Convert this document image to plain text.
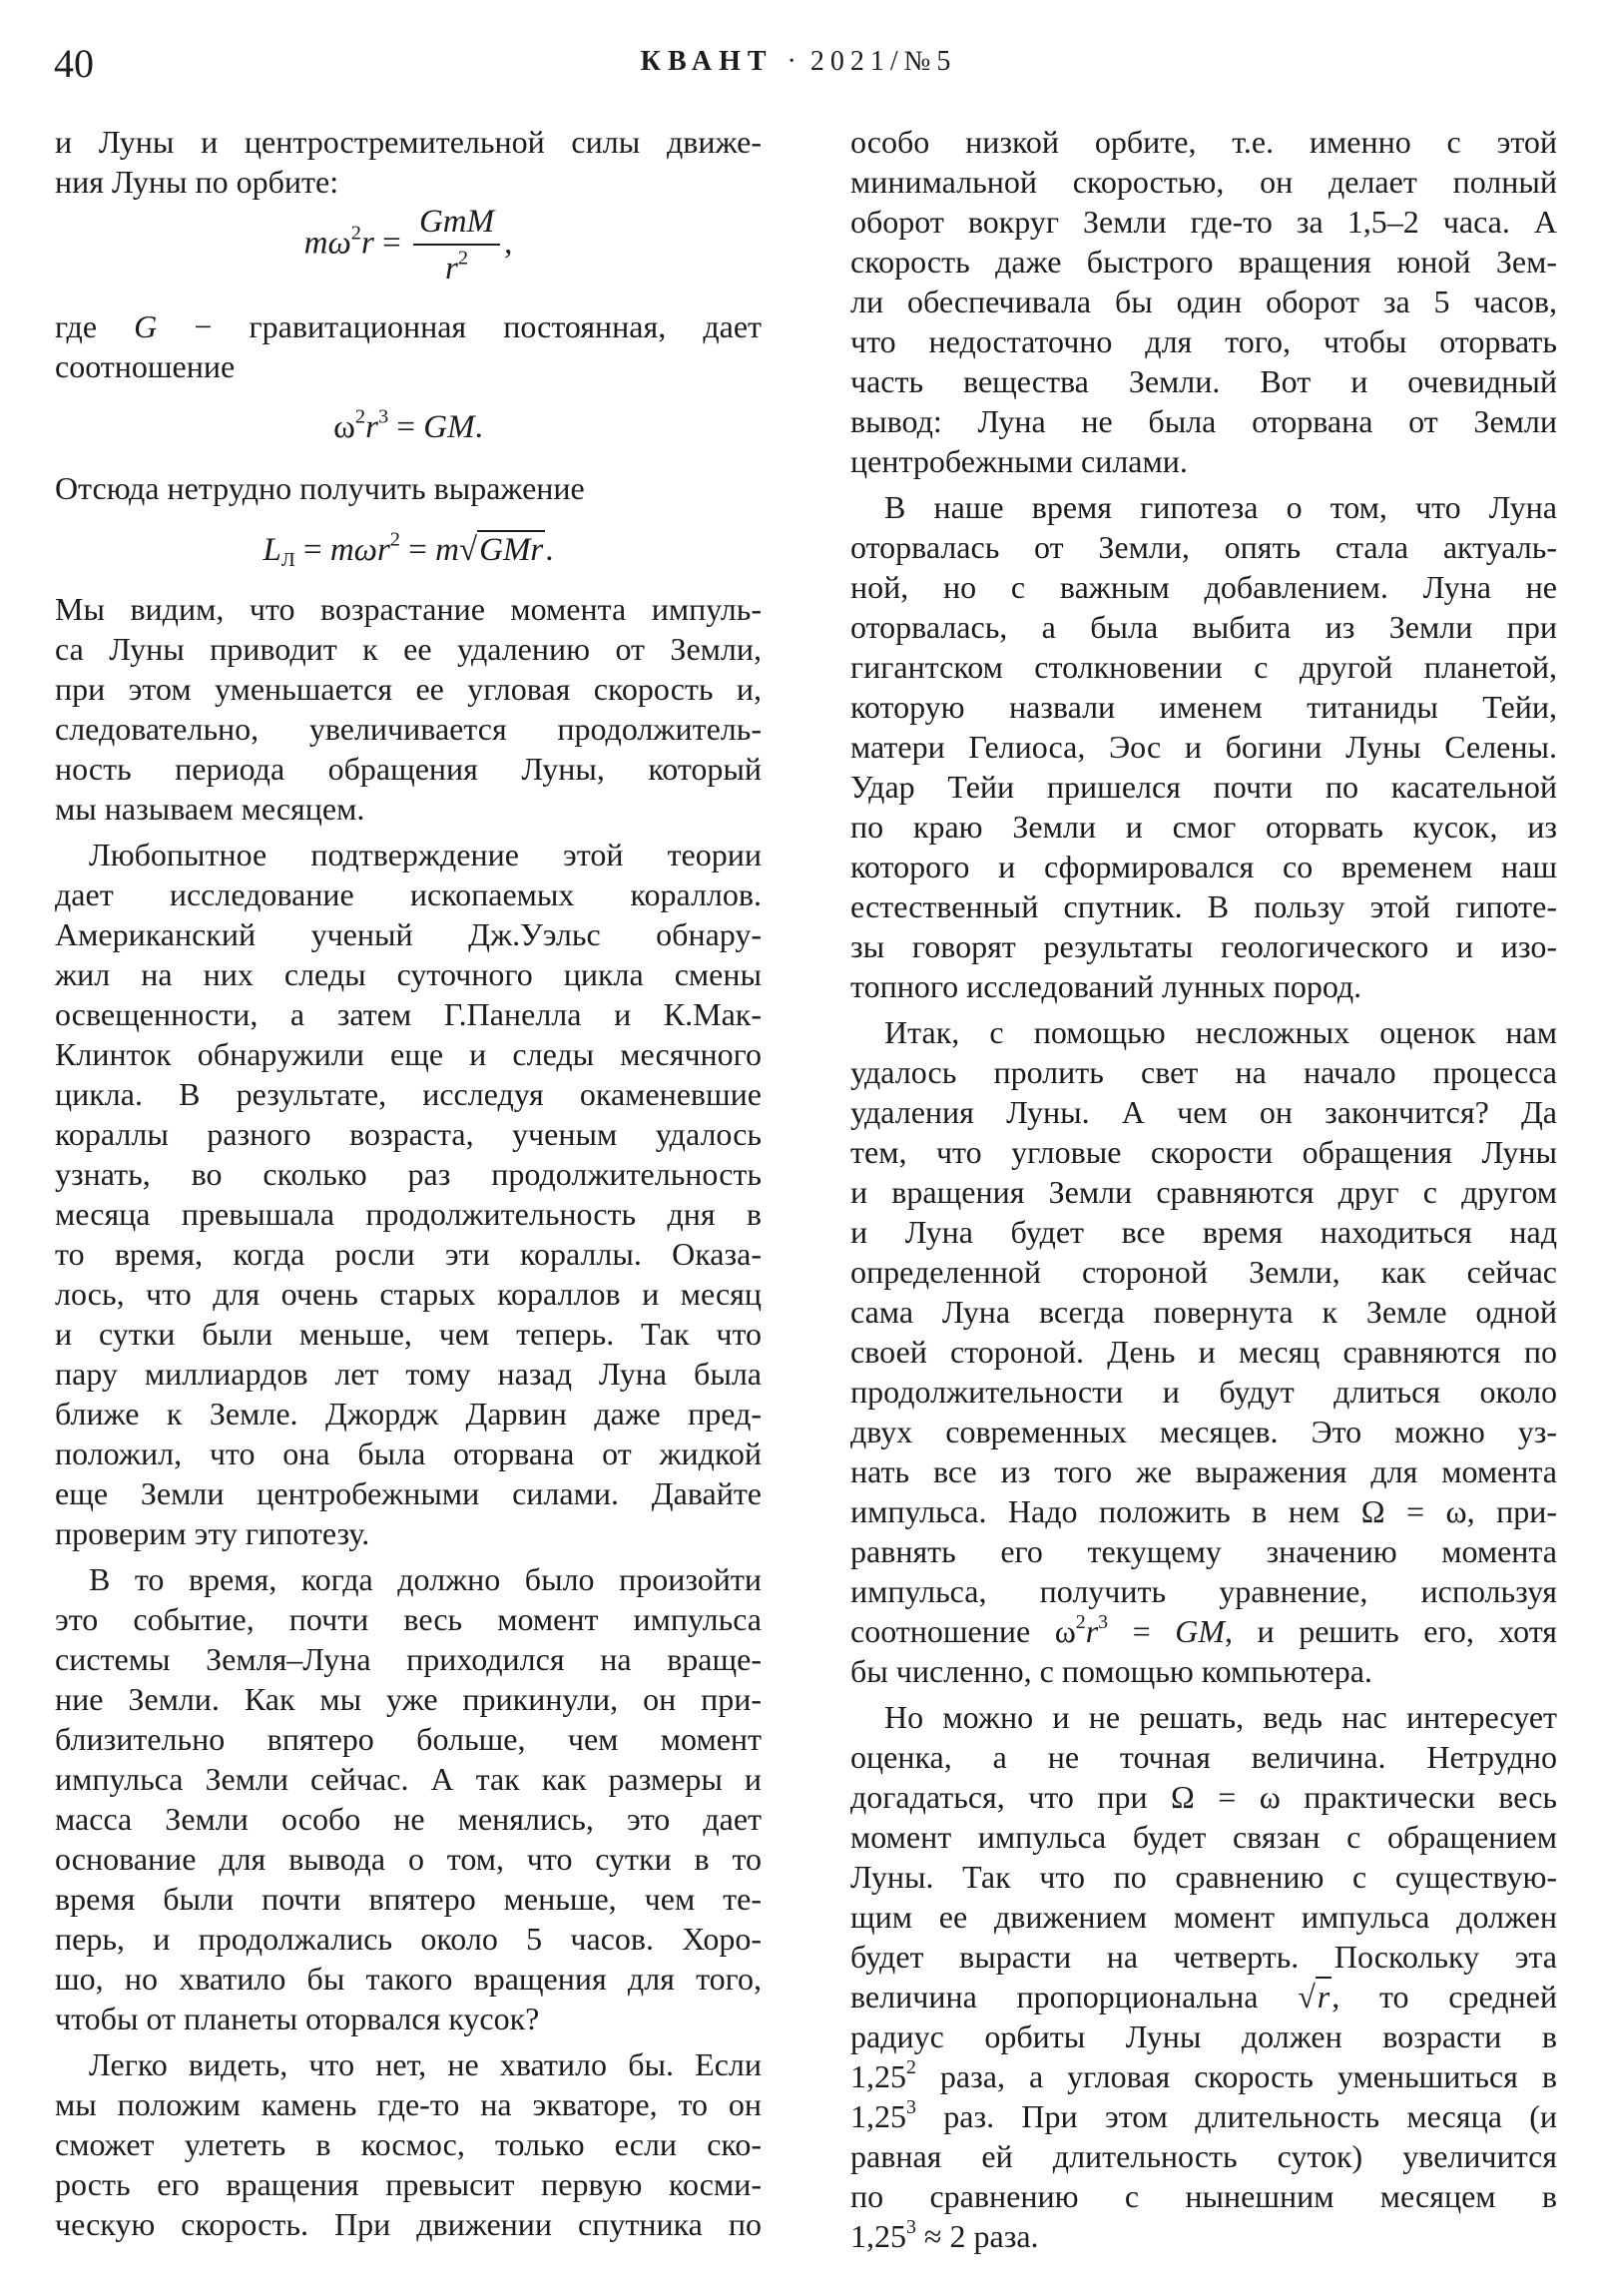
40	КВАНТ · 2021/№5
и Луны и центростремительной силы движе-
ния Луны по орбите:
$m\omega^2r = \frac{\text{GmM}}{r^2}$ ,
где G − гравитационная постоянная, дает
соотношение
$\omega^2r^3$ = GM.
Отсюда нетрудно получить выражение
$L_Л = m\omega r^2 = m√GMr$.
Мы видим, что возрастание момента импуль-
са Луны приводит к ее удалению от Земли,
при этом уменьшается ее угловая скорость и,
следовательно, увеличивается продолжитель-
ность периода обращения Луны, который
мы называем месяцем.
Любопытное подтверждение этой теории
дает исследование ископаемых кораллов.
Американский ученый Дж.Уэльс обнару-
жил на них следы суточного цикла смены
освещенности, а затем Г.Панелла и К.Мак-
Клинток обнаружили еще и следы месячного
цикла. В результате, исследуя окаменевшие
кораллы разного возраста, ученым удалось
узнать, во сколько раз продолжительность
месяца превышала продолжительность дня в
то время, когда росли эти кораллы. Оказа-
лось, что для очень старых кораллов и месяц
и сутки были меньше, чем теперь. Так что
пару миллиардов лет тому назад Луна была
ближе к Земле. Джордж Дарвин даже пред-
положил, что она была оторвана от жидкой
еще Земли центробежными силами. Давайте
проверим эту гипотезу.
В то время, когда должно было произойти
это событие, почти весь момент импульса
системы Земля–Луна приходился на враще-
ние Земли. Как мы уже прикинули, он при-
близительно впятеро больше, чем момент
импульса Земли сейчас. А так как размеры и
масса Земли особо не менялись, это дает
основание для вывода о том, что сутки в то
время были почти впятеро меньше, чем те-
перь, и продолжались около 5 часов. Хоро-
шо, но хватило бы такого вращения для того,
чтобы от планеты оторвался кусок?
Легко видеть, что нет, не хватило бы. Если
мы положим камень где-то на экваторе, то он
сможет улететь в космос, только если ско-
рость его вращения превысит первую косми-
ческую скорость. При движении спутника по
особо низкой орбите, т.е. именно с этой
минимальной скоростью, он делает полный
оборот вокруг Земли где-то за 1,5–2 часа. А
скорость даже быстрого вращения юной Зем-
ли обеспечивала бы один оборот за 5 часов,
что недостаточно для того, чтобы оторвать
часть вещества Земли. Вот и очевидный
вывод: Луна не была оторвана от Земли
центробежными силами.
В наше время гипотеза о том, что Луна
оторвалась от Земли, опять стала актуаль-
ной, но с важным добавлением. Луна не
оторвалась, а была выбита из Земли при
гигантском столкновении с другой планетой,
которую назвали именем титаниды Тейи,
матери Гелиоса, Эос и богини Луны Селены.
Удар Тейи пришелся почти по касательной
по краю Земли и смог оторвать кусок, из
которого и сформировался со временем наш
естественный спутник. В пользу этой гипоте-
зы говорят результаты геологического и изо-
топного исследований лунных пород.
Итак, с помощью несложных оценок нам
удалось пролить свет на начало процесса
удаления Луны. А чем он закончится? Да
тем, что угловые скорости обращения Луны
и вращения Земли сравняются друг с другом
и Луна будет все время находиться над
определенной стороной Земли, как сейчас
сама Луна всегда повернута к Земле одной
своей стороной. День и месяц сравняются по
продолжительности и будут длиться около
двух современных месяцев. Это можно уз-
нать все из того же выражения для момента
импульса. Надо положить в нем Ω = ω, при-
равнять его текущему значению момента
импульса, получить уравнение, используя
соотношение $\omega^2r^3$ = GM, и решить его, хотя
бы численно, с помощью компьютера.
Но можно и не решать, ведь нас интересует
оценка, а не точная величина. Нетрудно
догадаться, что при Ω = ω практически весь
момент импульса будет связан с обращением
Луны. Так что по сравнению с существую-
щим ее движением момент импульса должен
будет вырасти на четверть. Поскольку эта
величина пропорциональна √r, то средней
радиус орбиты Луны должен возрасти в
1,25$^2$ раза, а угловая скорость уменьшиться в
1,25$^3$ раз. При этом длительность месяца (и
равная ей длительность суток) увеличится
по сравнению с нынешним месяцем в
$1,25^3 \approx 2$ раза.
